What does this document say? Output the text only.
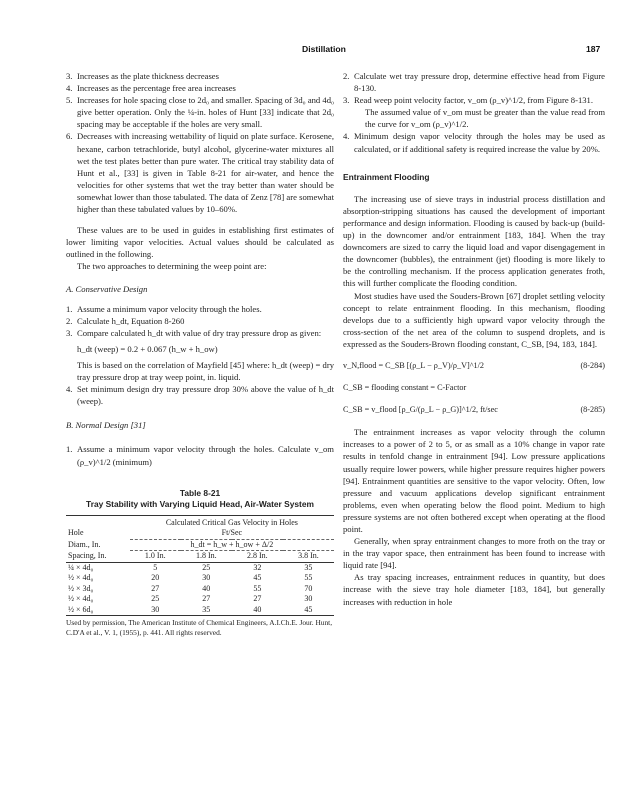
Distillation	187
3. Increases as the plate thickness decreases
4. Increases as the percentage free area increases
5. Increases for hole spacing close to 2d₀ and smaller. Spacing of 3d₀ and 4d₀ give better operation. Only the ¼-in. holes of Hunt [33] indicate that 2d₀ spacing may be acceptable if the holes are very small.
6. Decreases with increasing wettability of liquid on plate surface. Kerosene, hexane, carbon tetrachloride, butyl alcohol, glycerine-water mixtures all wet the test plates better than pure water. The critical tray stability data of Hunt et al., [33] is given in Table 8-21 for air-water, and hence the velocities for other systems that wet the tray better than water should be somewhat lower than those tabulated. The data of Zenz [78] are somewhat higher than these tabulated values by 10–60%.

These values are to be used in guides in establishing first estimates of lower limiting vapor velocities. Actual values should be calculated as outlined in the following.

The two approaches to determining the weep point are:

A. Conservative Design

1. Assume a minimum vapor velocity through the holes.
2. Calculate h_dt, Equation 8-260
3. Compare calculated h_dt with value of dry tray pressure drop as given:
h_dt (weep) = 0.2 + 0.067 (h_w + h_ow)
This is based on the correlation of Mayfield [45] where: h_dt (weep) = dry tray pressure drop at tray weep point, in. liquid.
4. Set minimum design dry tray pressure drop 30% above the value of h_dt (weep).

B. Normal Design [31]

1. Assume a minimum vapor velocity through the holes. Calculate v_om (ρ_v)^1/2 (minimum)
Table 8-21
Tray Stability with Varying Liquid Head, Air-Water System
	Calculated Critical Gas Velocity in Holes			
Hole	Ft/Sec			
Diam., In.	h_dt = h_w + h_ow + Δ/2			
Spacing, In.	1.0 In.	1.8 In.	2.8 In.	3.8 In.
¼ × 4d₀	5	25	32	35
½ × 4d₀	20	30	45	55
½ × 3d₀	27	40	55	70
½ × 4d₀	25	27	27	30
½ × 6d₀	30	35	40	45
Used by permission, The American Institute of Chemical Engineers, A.I.Ch.E. Jour. Hunt, C.D'A et al., V. 1, (1955), p. 441. All rights reserved.
2. Calculate wet tray pressure drop, determine effective head from Figure 8-130.
3. Read weep point velocity factor, v_om (ρ_v)^1/2, from Figure 8-131.
The assumed value of v_om must be greater than the value read from the curve for v_om (ρ_v)^1/2.
4. Minimum design vapor velocity through the holes may be used as calculated, or if additional safety is required increase the value by 20%.

Entrainment Flooding

The increasing use of sieve trays in industrial process distillation and absorption-stripping situations has caused the development of important performance and design information. Flooding is caused by back-up (build-up) in the downcomer and/or entrainment [183, 184]. When the tray downcomers are sized to carry the liquid load and vapor disengagement in the downcomer (bubbles), the entrainment (jet) flooding is more likely to be the controlling mechanism. If the process application generates froth, this will further complicate the flooding condition.

Most studies have used the Souders-Brown [67] droplet settling velocity concept to relate entrainment flooding. In this mechanism, flooding develops due to a sufficiently high upward vapor velocity through the cross-section of the net area of the column to suspend droplets, and is expressed as the Souders-Brown flooding constant, C_SB, [94, 183, 184].

v_N,flood = C_SB [(ρ_L − ρ_V)/ρ_V]^1/2	(8-284)
C_SB = flooding constant = C-Factor
C_SB = v_flood [ρ_G/(ρ_L − ρ_G)]^1/2, ft/sec	(8-285)

The entrainment increases as vapor velocity through the column increases to a power of 2 to 5, or as small as a 10% change in vapor rate results in tenfold change in entrainment [94]. Low pressure applications usually require lower powers, while higher pressure requires higher powers [94]. Entrainment quantities are sensitive to the vapor velocity. Often, low pressure and vacuum applications develop significant entrainment problems, even when operating below the flood point. Medium to high pressure systems are not often bothered except when operating at the flood point.

Generally, when spray entrainment changes to more froth on the tray or in the tray vapor space, then entrainment has been found to increase with liquid rate [94].

As tray spacing increases, entrainment reduces in quantity, but does increase with the sieve tray hole diameter [183, 184], but generally increases with reduction in hole
